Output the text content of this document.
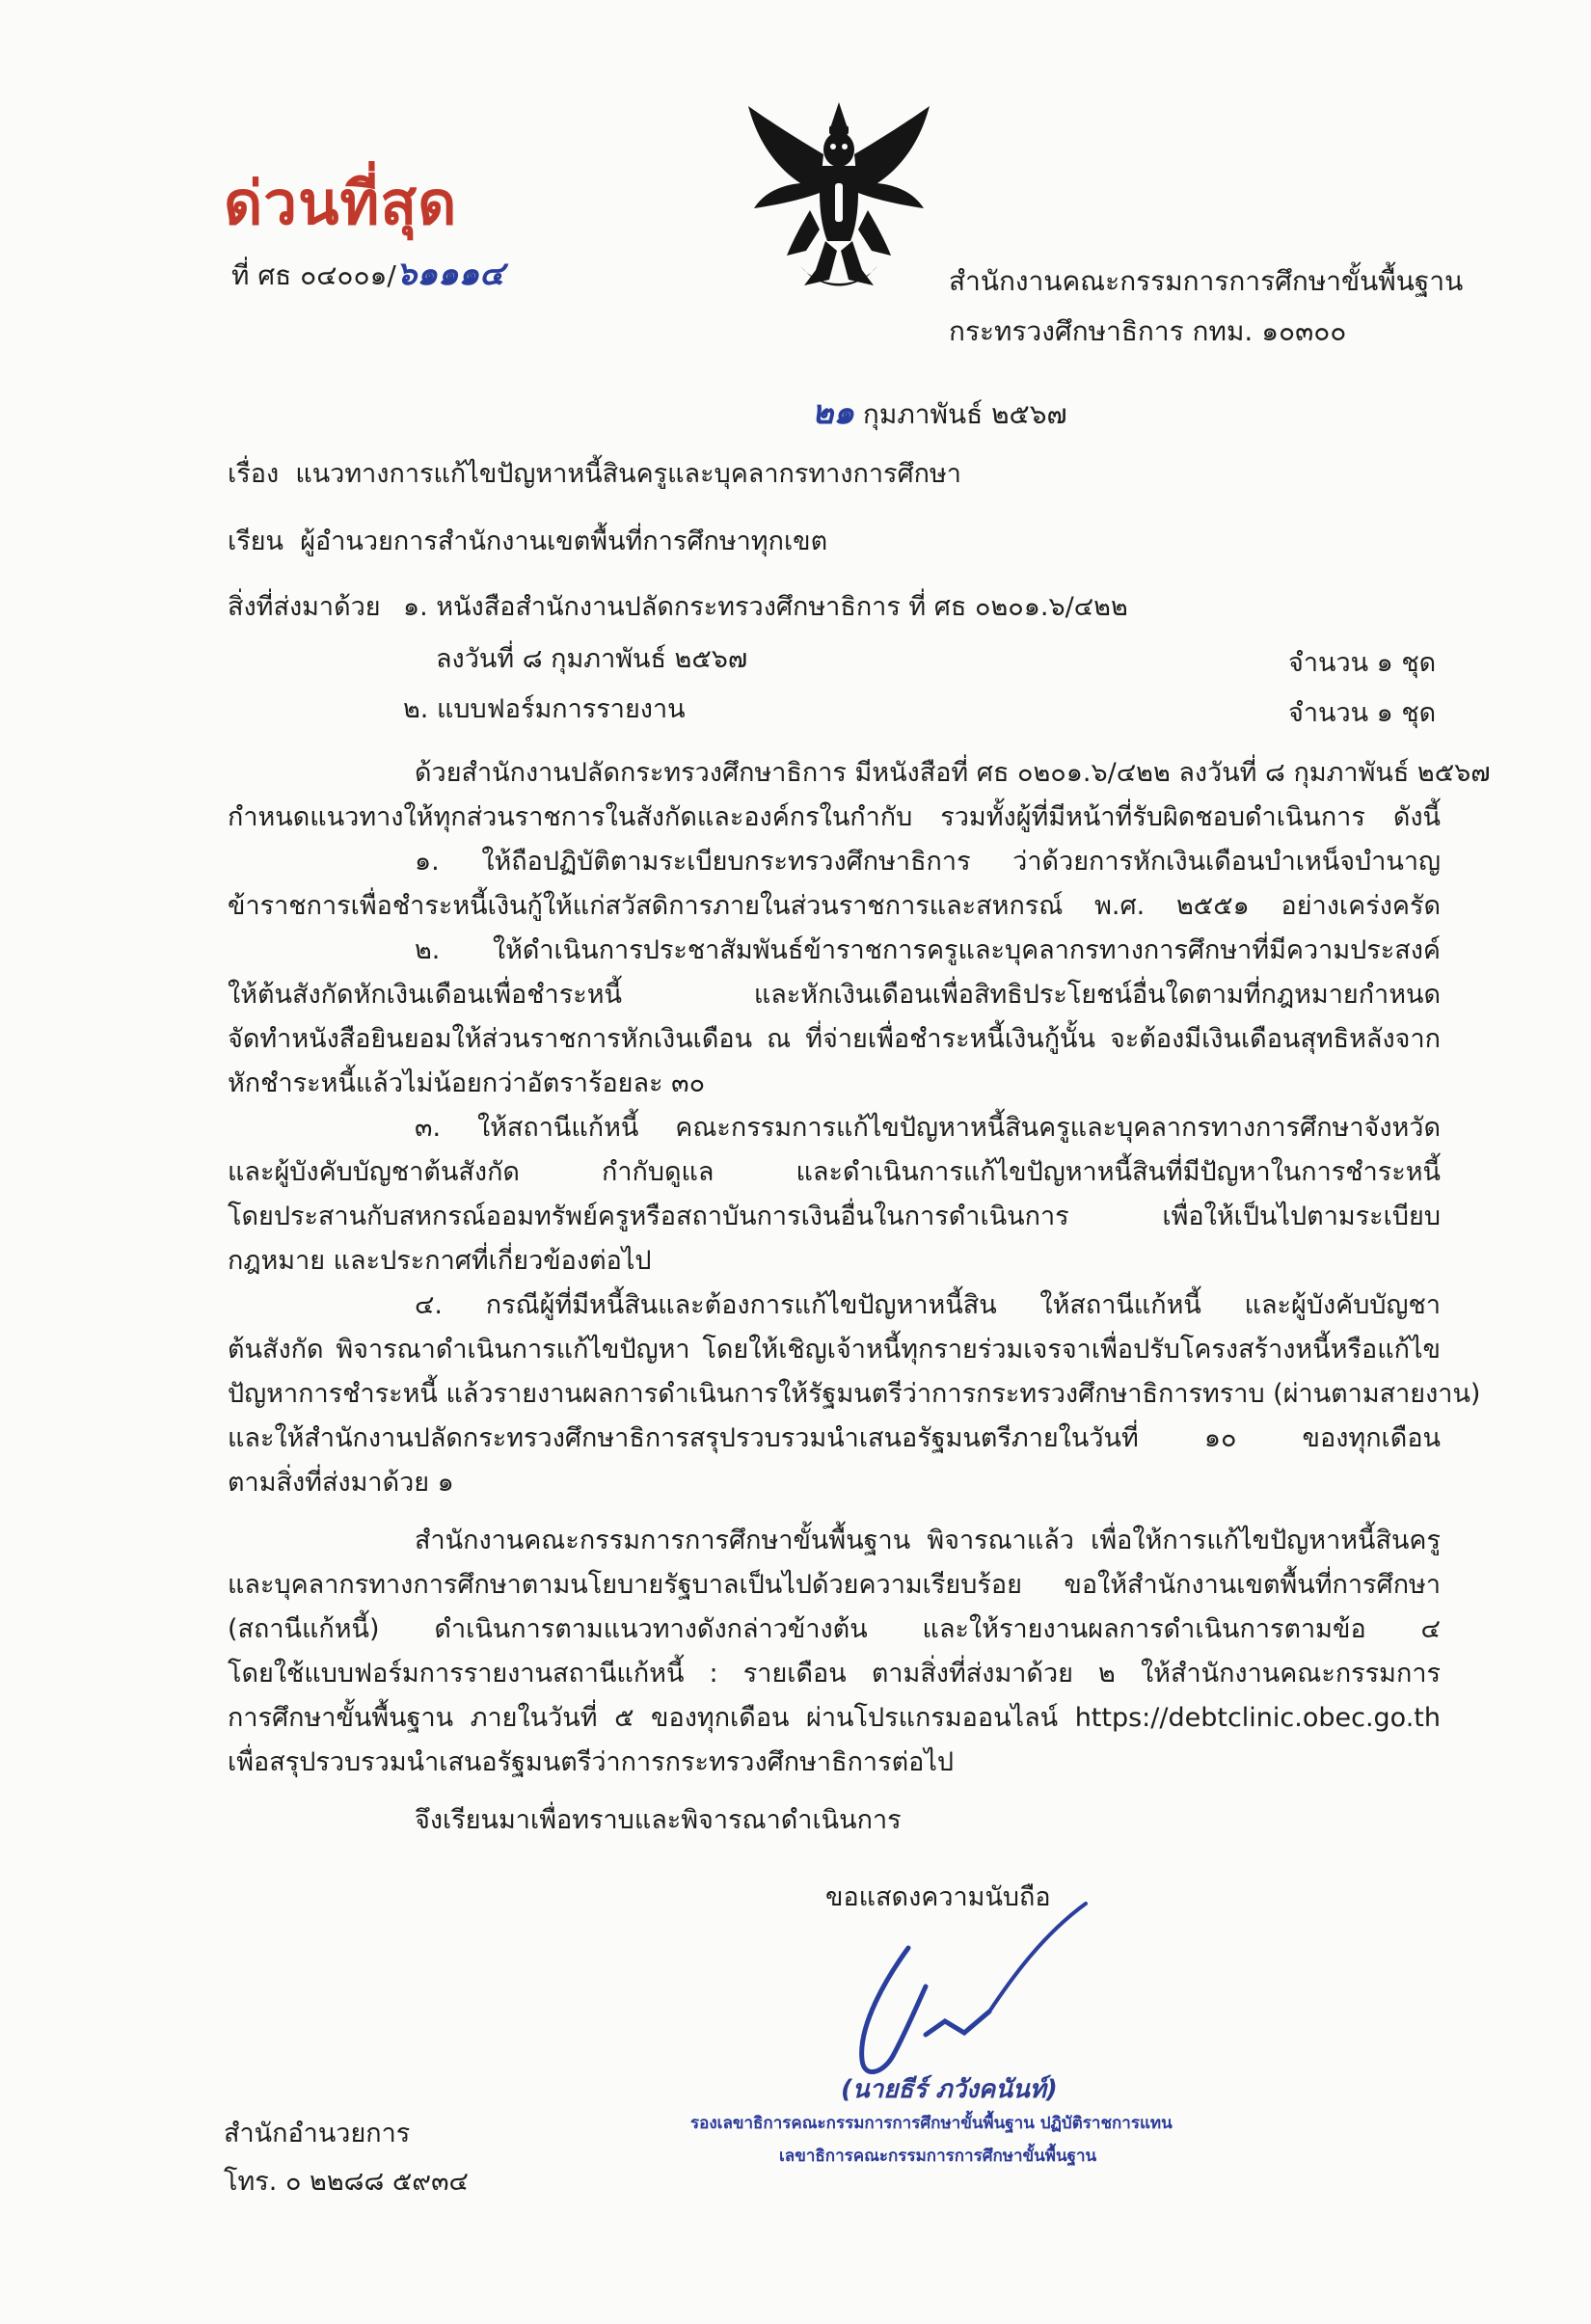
ด่วนที่สุด
ที่ ศธ ๐๔๐๐๑/๖๑๑๑๔	สำนักงานคณะกรรมการการศึกษาขั้นพื้นฐาน
กระทรวงศึกษาธิการ กทม. ๑๐๓๐๐
๒๑ กุมภาพันธ์ ๒๕๖๗
เรื่อง แนวทางการแก้ไขปัญหาหนี้สินครูและบุคลากรทางการศึกษา
เรียน ผู้อำนวยการสำนักงานเขตพื้นที่การศึกษาทุกเขต
สิ่งที่ส่งมาด้วย ๑. หนังสือสำนักงานปลัดกระทรวงศึกษาธิการ ที่ ศธ ๐๒๐๑.๖/๔๒๒
ลงวันที่ ๘ กุมภาพันธ์ ๒๕๖๗	จำนวน ๑ ชุด
๒. แบบฟอร์มการรายงาน	จำนวน ๑ ชุด
ด้วยสำนักงานปลัดกระทรวงศึกษาธิการ มีหนังสือที่ ศธ ๐๒๐๑.๖/๔๒๒ ลงวันที่ ๘ กุมภาพันธ์ ๒๕๖๗
กำหนดแนวทางให้ทุกส่วนราชการในสังกัดและองค์กรในกำกับ รวมทั้งผู้ที่มีหน้าที่รับผิดชอบดำเนินการ ดังนี้
๑. ให้ถือปฏิบัติตามระเบียบกระทรวงศึกษาธิการ ว่าด้วยการหักเงินเดือนบำเหน็จบำนาญ
ข้าราชการเพื่อชำระหนี้เงินกู้ให้แก่สวัสดิการภายในส่วนราชการและสหกรณ์ พ.ศ. ๒๕๕๑ อย่างเคร่งครัด
๒. ให้ดำเนินการประชาสัมพันธ์ข้าราชการครูและบุคลากรทางการศึกษาที่มีความประสงค์
ให้ต้นสังกัดหักเงินเดือนเพื่อชำระหนี้ และหักเงินเดือนเพื่อสิทธิประโยชน์อื่นใดตามที่กฎหมายกำหนด
จัดทำหนังสือยินยอมให้ส่วนราชการหักเงินเดือน ณ ที่จ่ายเพื่อชำระหนี้เงินกู้นั้น จะต้องมีเงินเดือนสุทธิหลังจาก
หักชำระหนี้แล้วไม่น้อยกว่าอัตราร้อยละ ๓๐
๓. ให้สถานีแก้หนี้ คณะกรรมการแก้ไขปัญหาหนี้สินครูและบุคลากรทางการศึกษาจังหวัด
และผู้บังคับบัญชาต้นสังกัด กำกับดูแล และดำเนินการแก้ไขปัญหาหนี้สินที่มีปัญหาในการชำระหนี้
โดยประสานกับสหกรณ์ออมทรัพย์ครูหรือสถาบันการเงินอื่นในการดำเนินการ เพื่อให้เป็นไปตามระเบียบ
กฎหมาย และประกาศที่เกี่ยวข้องต่อไป
๔. กรณีผู้ที่มีหนี้สินและต้องการแก้ไขปัญหาหนี้สิน ให้สถานีแก้หนี้ และผู้บังคับบัญชา
ต้นสังกัด พิจารณาดำเนินการแก้ไขปัญหา โดยให้เชิญเจ้าหนี้ทุกรายร่วมเจรจาเพื่อปรับโครงสร้างหนี้หรือแก้ไข
ปัญหาการชำระหนี้ แล้วรายงานผลการดำเนินการให้รัฐมนตรีว่าการกระทรวงศึกษาธิการทราบ (ผ่านตามสายงาน)
และให้สำนักงานปลัดกระทรวงศึกษาธิการสรุปรวบรวมนำเสนอรัฐมนตรีภายในวันที่ ๑๐ ของทุกเดือน
ตามสิ่งที่ส่งมาด้วย ๑
สำนักงานคณะกรรมการการศึกษาขั้นพื้นฐาน พิจารณาแล้ว เพื่อให้การแก้ไขปัญหาหนี้สินครู
และบุคลากรทางการศึกษาตามนโยบายรัฐบาลเป็นไปด้วยความเรียบร้อย ขอให้สำนักงานเขตพื้นที่การศึกษา
(สถานีแก้หนี้) ดำเนินการตามแนวทางดังกล่าวข้างต้น และให้รายงานผลการดำเนินการตามข้อ ๔
โดยใช้แบบฟอร์มการรายงานสถานีแก้หนี้ : รายเดือน ตามสิ่งที่ส่งมาด้วย ๒ ให้สำนักงานคณะกรรมการ
การศึกษาขั้นพื้นฐาน ภายในวันที่ ๕ ของทุกเดือน ผ่านโปรแกรมออนไลน์ https://debtclinic.obec.go.th
เพื่อสรุปรวบรวมนำเสนอรัฐมนตรีว่าการกระทรวงศึกษาธิการต่อไป
จึงเรียนมาเพื่อทราบและพิจารณาดำเนินการ
ขอแสดงความนับถือ
(นายธีร์ ภวังคนันท์)
รองเลขาธิการคณะกรรมการการศึกษาขั้นพื้นฐาน ปฏิบัติราชการแทน
เลขาธิการคณะกรรมการการศึกษาขั้นพื้นฐาน
สำนักอำนวยการ
โทร. ๐ ๒๒๘๘ ๕๙๓๔
